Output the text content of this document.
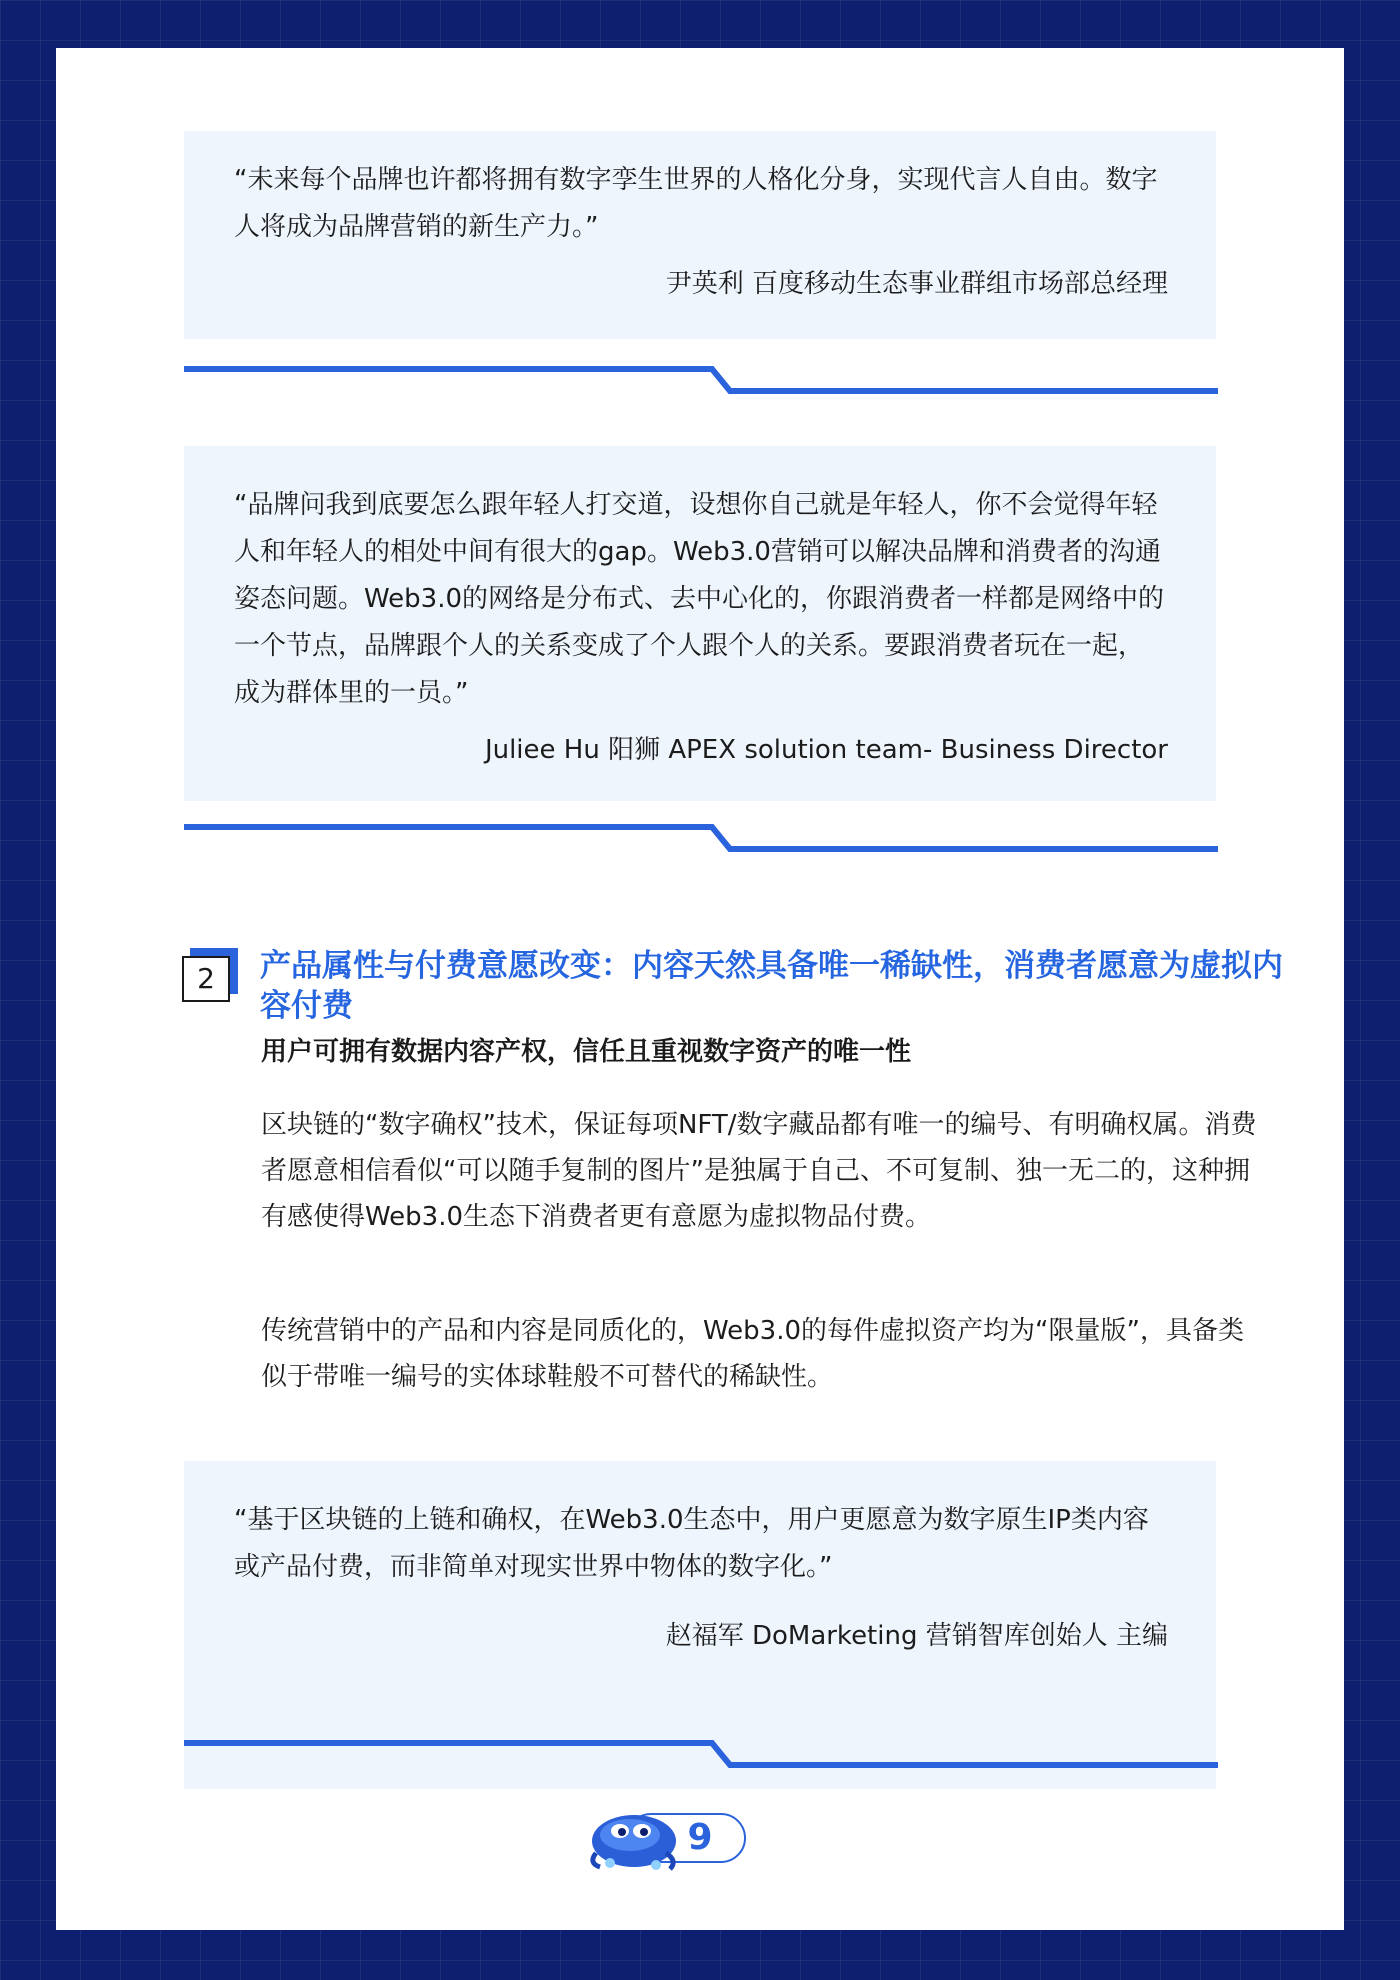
“未来每个品牌也许都将拥有数字孪生世界的人格化分身，实现代言人自由。数字人将成为品牌营销的新生产力。”

尹英利 百度移动生态事业群组市场部总经理

“品牌问我到底要怎么跟年轻人打交道，设想你自己就是年轻人，你不会觉得年轻人和年轻人的相处中间有很大的gap。Web3.0营销可以解决品牌和消费者的沟通姿态问题。Web3.0的网络是分布式、去中心化的，你跟消费者一样都是网络中的一个节点，品牌跟个人的关系变成了个人跟个人的关系。要跟消费者玩在一起，成为群体里的一员。”

Juliee Hu 阳狮 APEX solution team- Business Director

2	产品属性与付费意愿改变：内容天然具备唯一稀缺性，消费者愿意为虚拟内容付费

用户可拥有数据内容产权，信任且重视数字资产的唯一性

区块链的“数字确权”技术，保证每项NFT/数字藏品都有唯一的编号、有明确权属。消费者愿意相信看似“可以随手复制的图片”是独属于自己、不可复制、独一无二的，这种拥有感使得Web3.0生态下消费者更有意愿为虚拟物品付费。

传统营销中的产品和内容是同质化的，Web3.0的每件虚拟资产均为“限量版”，具备类似于带唯一编号的实体球鞋般不可替代的稀缺性。

“基于区块链的上链和确权，在Web3.0生态中，用户更愿意为数字原生IP类内容或产品付费，而非简单对现实世界中物体的数字化。”

赵福军 DoMarketing 营销智库创始人 主编

9
